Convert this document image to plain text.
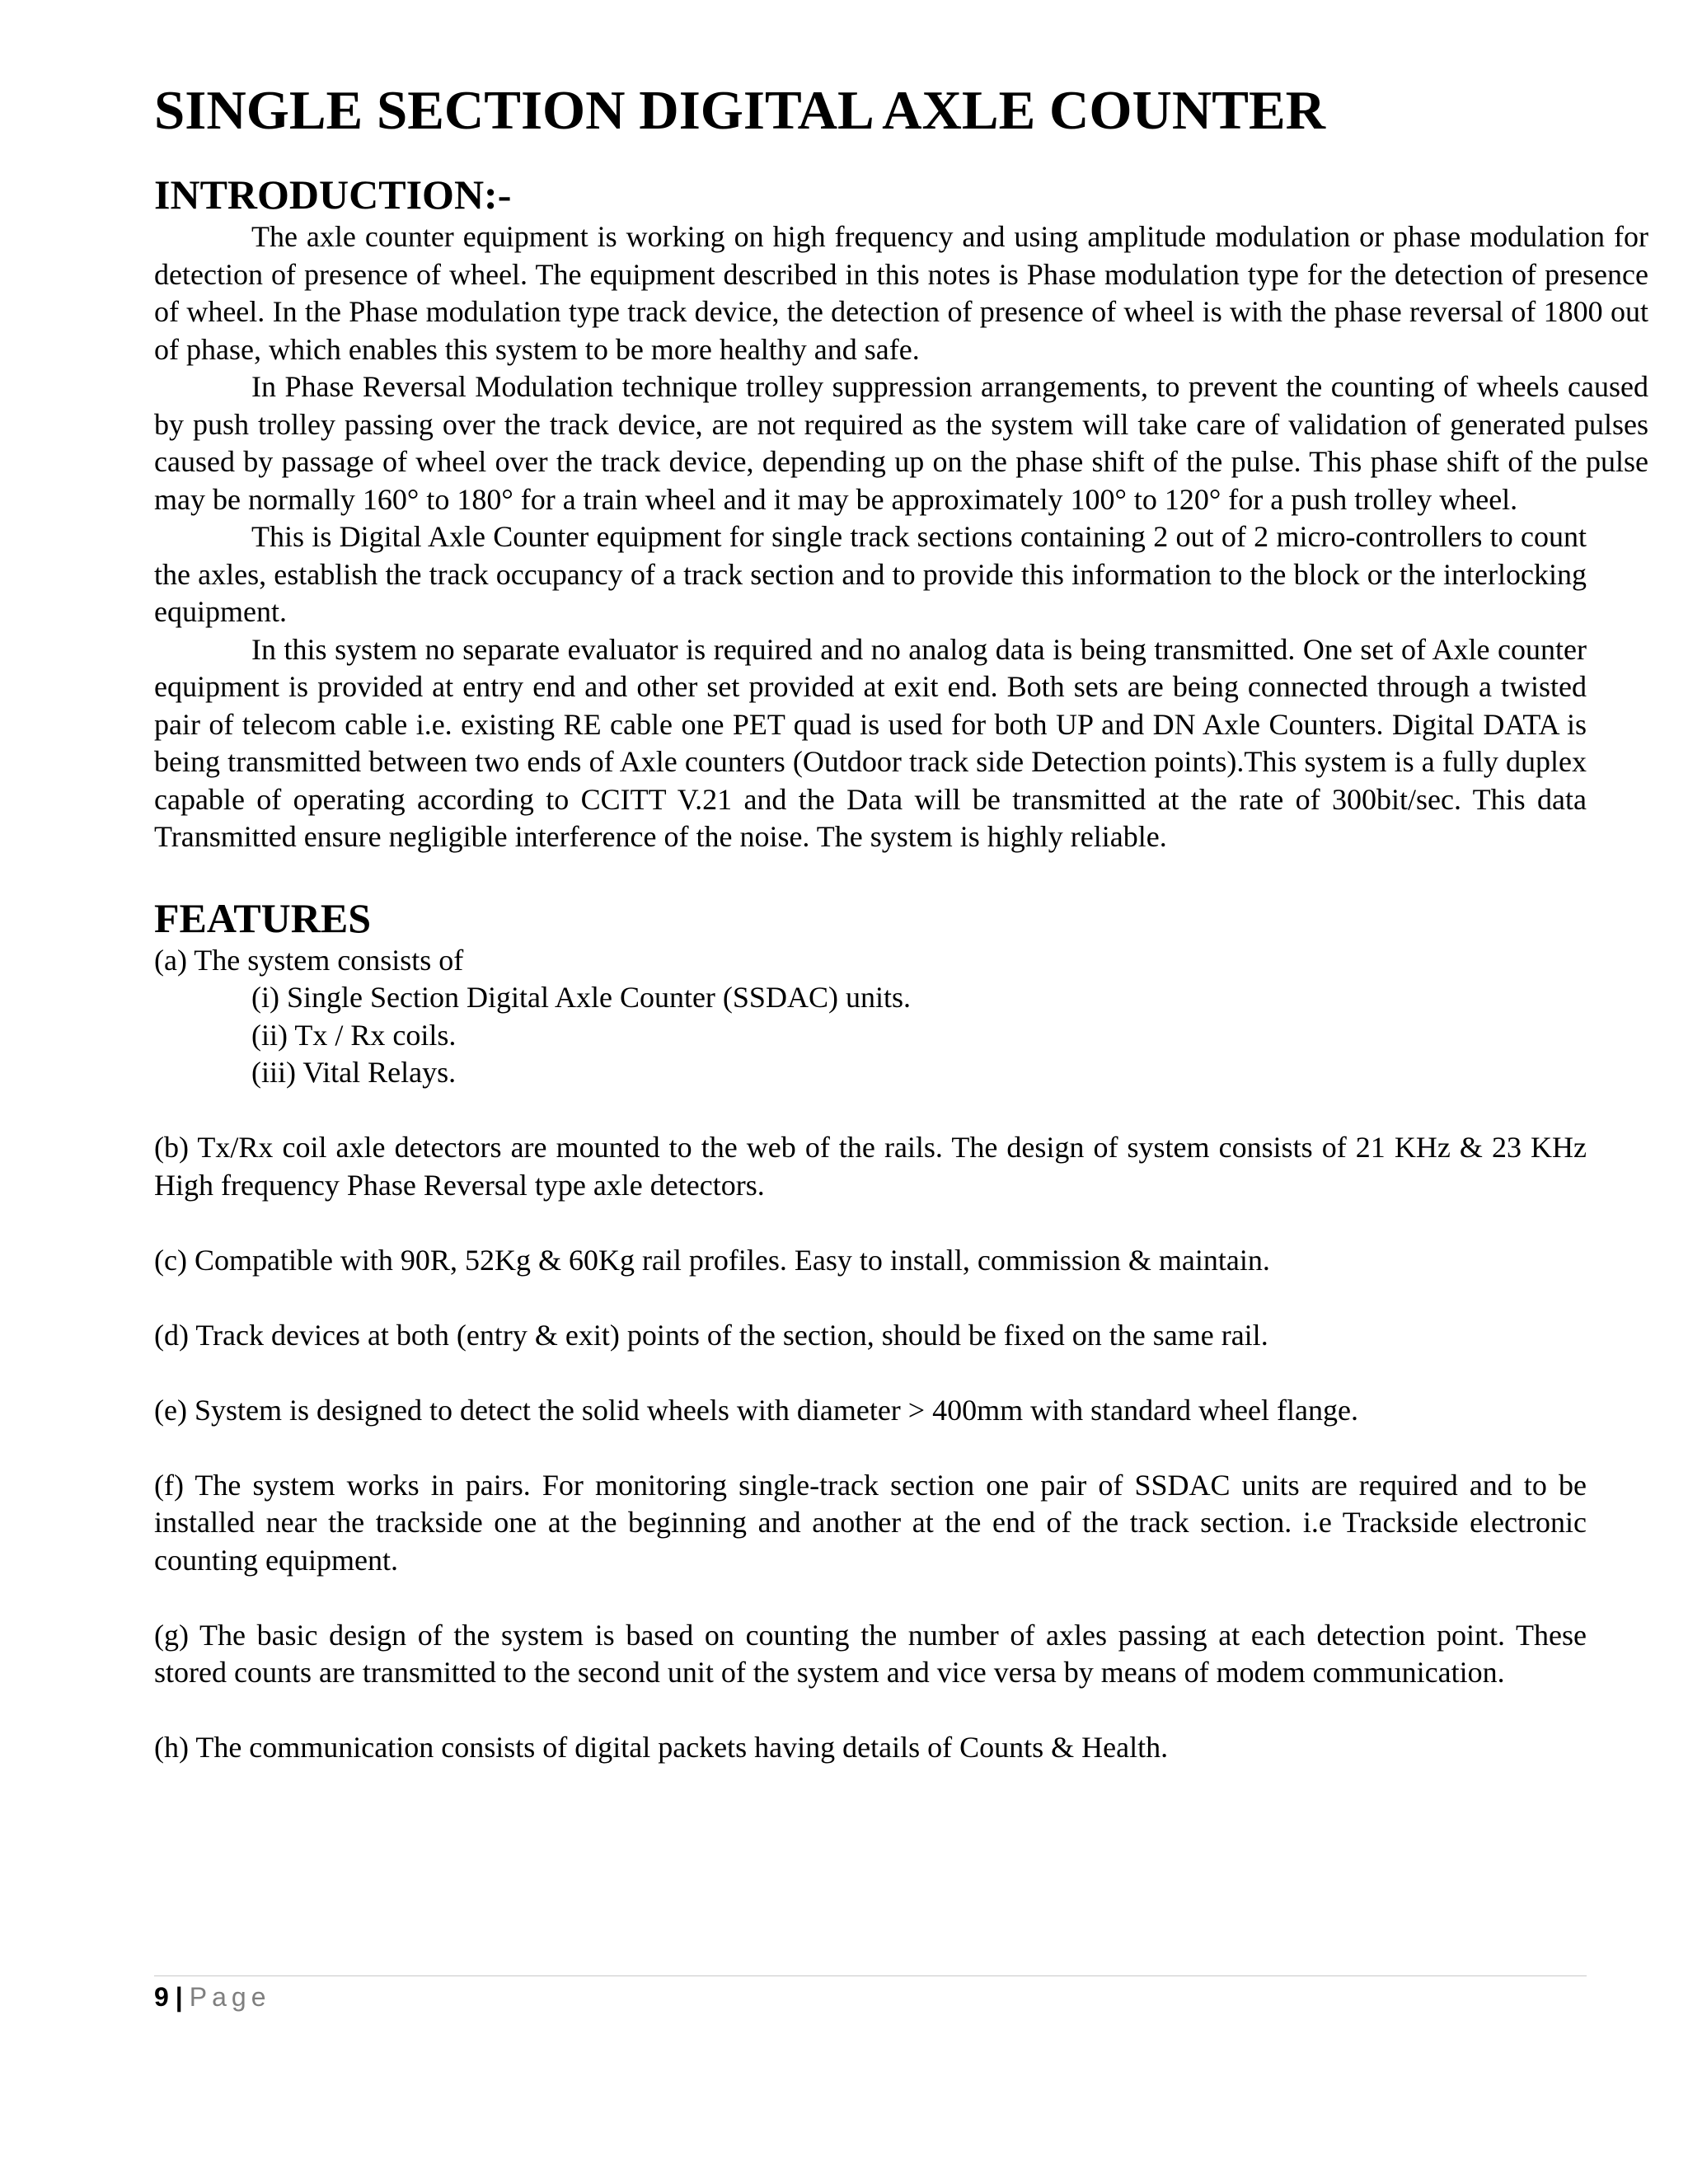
SINGLE SECTION DIGITAL AXLE COUNTER
INTRODUCTION:-

The axle counter equipment is working on high frequency and using amplitude modulation or phase modulation for detection of presence of wheel. The equipment described in this notes is Phase modulation type for the detection of presence of wheel. In the Phase modulation type track device, the detection of presence of wheel is with the phase reversal of 1800 out of phase, which enables this system to be more healthy and safe.

In Phase Reversal Modulation technique trolley suppression arrangements, to prevent the counting of wheels caused by push trolley passing over the track device, are not required as the system will take care of validation of generated pulses caused by passage of wheel over the track device, depending up on the phase shift of the pulse. This phase shift of the pulse may be normally 160° to 180° for a train wheel and it may be approximately 100° to 120° for a push trolley wheel.

This is Digital Axle Counter equipment for single track sections containing 2 out of 2 micro-controllers to count the axles, establish the track occupancy of a track section and to provide this information to the block or the interlocking equipment.

In this system no separate evaluator is required and no analog data is being transmitted. One set of Axle counter equipment is provided at entry end and other set provided at exit end. Both sets are being connected through a twisted pair of telecom cable i.e. existing RE cable one PET quad is used for both UP and DN Axle Counters. Digital DATA is being transmitted between two ends of Axle counters (Outdoor track side Detection points).This system is a fully duplex capable of operating according to CCITT V.21 and the Data will be transmitted at the rate of 300bit/sec. This data Transmitted ensure negligible interference of the noise. The system is highly reliable.

FEATURES

(a) The system consists of

(i) Single Section Digital Axle Counter (SSDAC) units.
(ii) Tx / Rx coils.
(iii) Vital Relays.

(b) Tx/Rx coil axle detectors are mounted to the web of the rails. The design of system consists of 21 KHz & 23 KHz High frequency Phase Reversal type axle detectors.

(c) Compatible with 90R, 52Kg & 60Kg rail profiles. Easy to install, commission & maintain.

(d) Track devices at both (entry & exit) points of the section, should be fixed on the same rail.

(e) System is designed to detect the solid wheels with diameter > 400mm with standard wheel flange.

(f) The system works in pairs. For monitoring single-track section one pair of SSDAC units are required and to be installed near the trackside one at the beginning and another at the end of the track section. i.e Trackside electronic counting equipment.

(g) The basic design of the system is based on counting the number of axles passing at each detection point. These stored counts are transmitted to the second unit of the system and vice versa by means of modem communication.

(h) The communication consists of digital packets having details of Counts & Health.

9 | Page
